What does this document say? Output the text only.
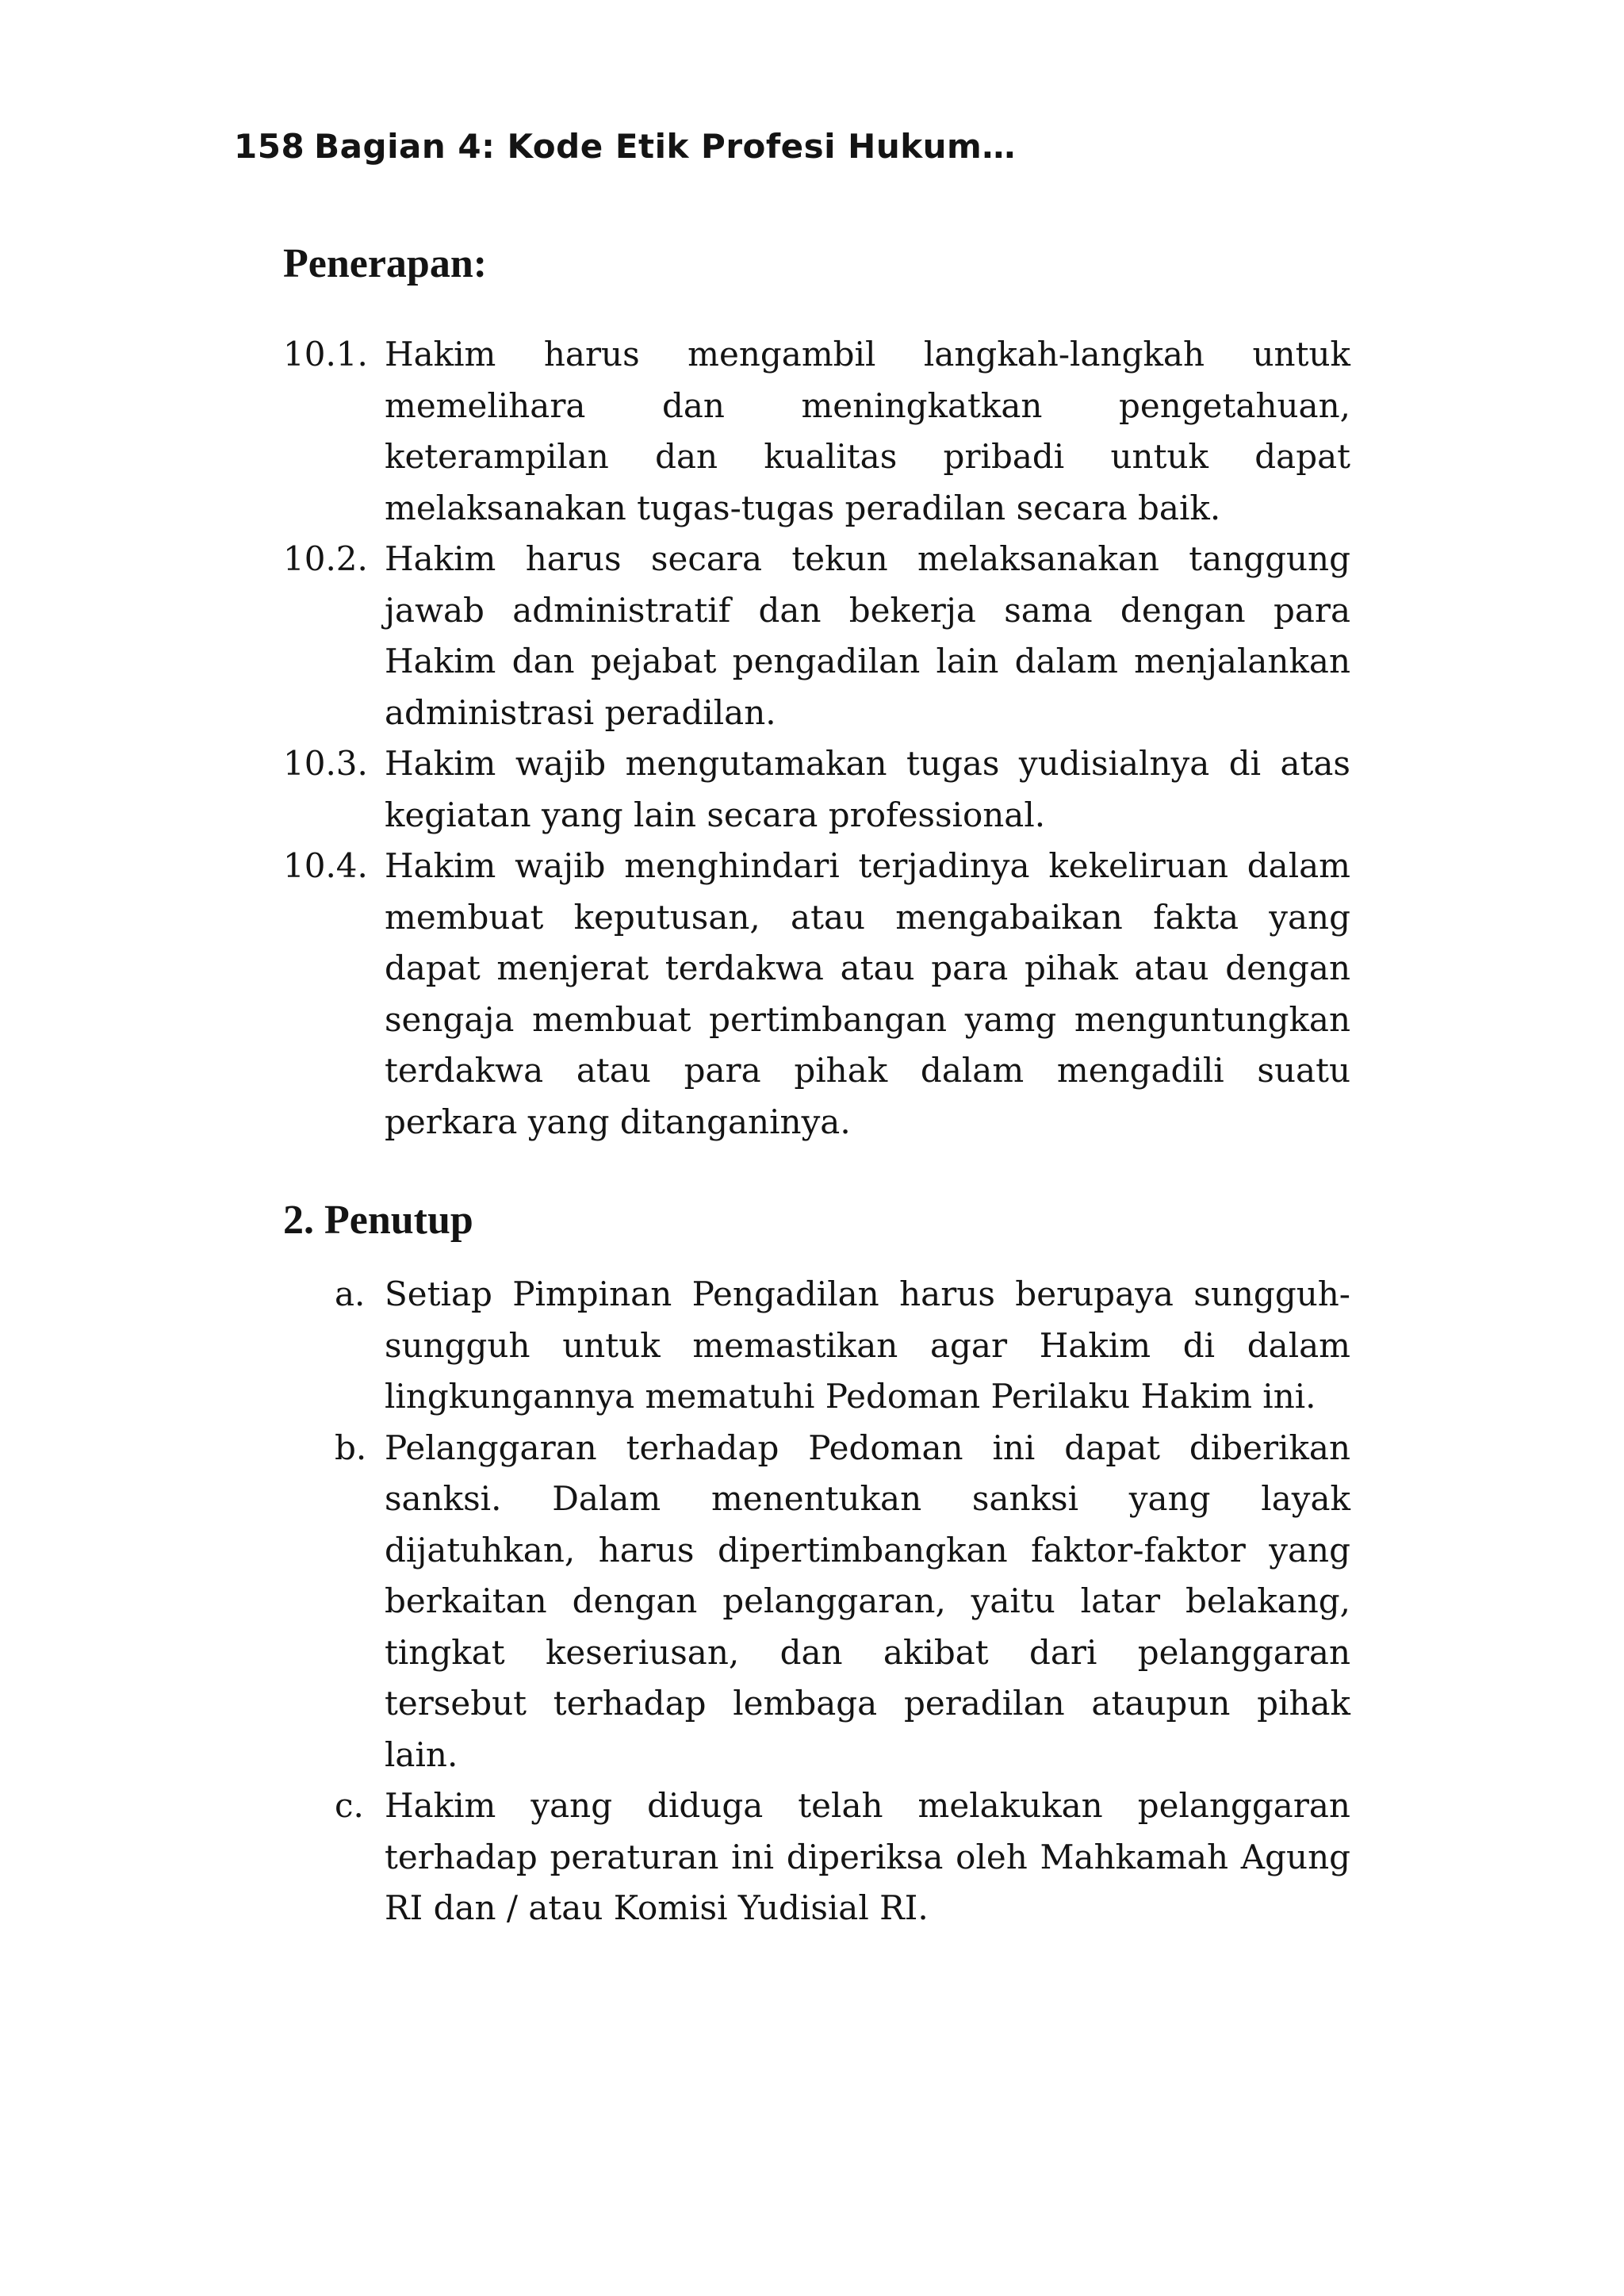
158 Bagian 4: Kode Etik Profesi Hukum…
Penerapan:
10.1. Hakim harus mengambil langkah-langkah untuk memelihara dan meningkatkan pengetahuan, keterampilan dan kualitas pribadi untuk dapat melaksanakan tugas-tugas peradilan secara baik.
10.2. Hakim harus secara tekun melaksanakan tanggung jawab administratif dan bekerja sama dengan para Hakim dan pejabat pengadilan lain dalam menjalankan administrasi peradilan.
10.3. Hakim wajib mengutamakan tugas yudisialnya di atas kegiatan yang lain secara professional.
10.4. Hakim wajib menghindari terjadinya kekeliruan dalam membuat keputusan, atau mengabaikan fakta yang dapat menjerat terdakwa atau para pihak atau dengan sengaja membuat pertimbangan yamg menguntungkan terdakwa atau para pihak dalam mengadili suatu perkara yang ditanganinya.
2. Penutup
a. Setiap Pimpinan Pengadilan harus berupaya sungguh-sungguh untuk memastikan agar Hakim di dalam lingkungannya mematuhi Pedoman Perilaku Hakim ini.
b. Pelanggaran terhadap Pedoman ini dapat diberikan sanksi. Dalam menentukan sanksi yang layak dijatuhkan, harus dipertimbangkan faktor-faktor yang berkaitan dengan pelanggaran, yaitu latar belakang, tingkat keseriusan, dan akibat dari pelanggaran tersebut terhadap lembaga peradilan ataupun pihak lain.
c. Hakim yang diduga telah melakukan pelanggaran terhadap peraturan ini diperiksa oleh Mahkamah Agung RI dan / atau Komisi Yudisial RI.
